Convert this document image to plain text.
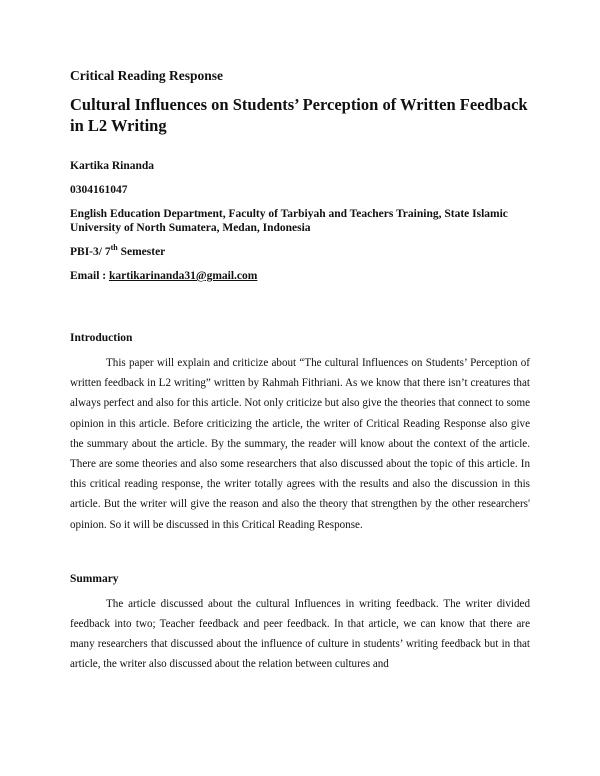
Critical Reading Response

Cultural Influences on Students’ Perception of Written Feedback in L2 Writing

Kartika Rinanda

0304161047

English Education Department, Faculty of Tarbiyah and Teachers Training, State Islamic University of North Sumatera, Medan, Indonesia

PBI-3/ 7th Semester

Email : kartikarinanda31@gmail.com

Introduction

This paper will explain and criticize about “The cultural Influences on Students’ Perception of written feedback in L2 writing” written by Rahmah Fithriani. As we know that there isn’t creatures that always perfect and also for this article. Not only criticize but also give the theories that connect to some opinion in this article. Before criticizing the article, the writer of Critical Reading Response also give the summary about the article. By the summary, the reader will know about the context of the article. There are some theories and also some researchers that also discussed about the topic of this article. In this critical reading response, the writer totally agrees with the results and also the discussion in this article. But the writer will give the reason and also the theory that strengthen by the other researchers' opinion. So it will be discussed in this Critical Reading Response.

Summary

The article discussed about the cultural Influences in writing feedback. The writer divided feedback into two; Teacher feedback and peer feedback. In that article, we can know that there are many researchers that discussed about the influence of culture in students’ writing feedback but in that article, the writer also discussed about the relation between cultures and
